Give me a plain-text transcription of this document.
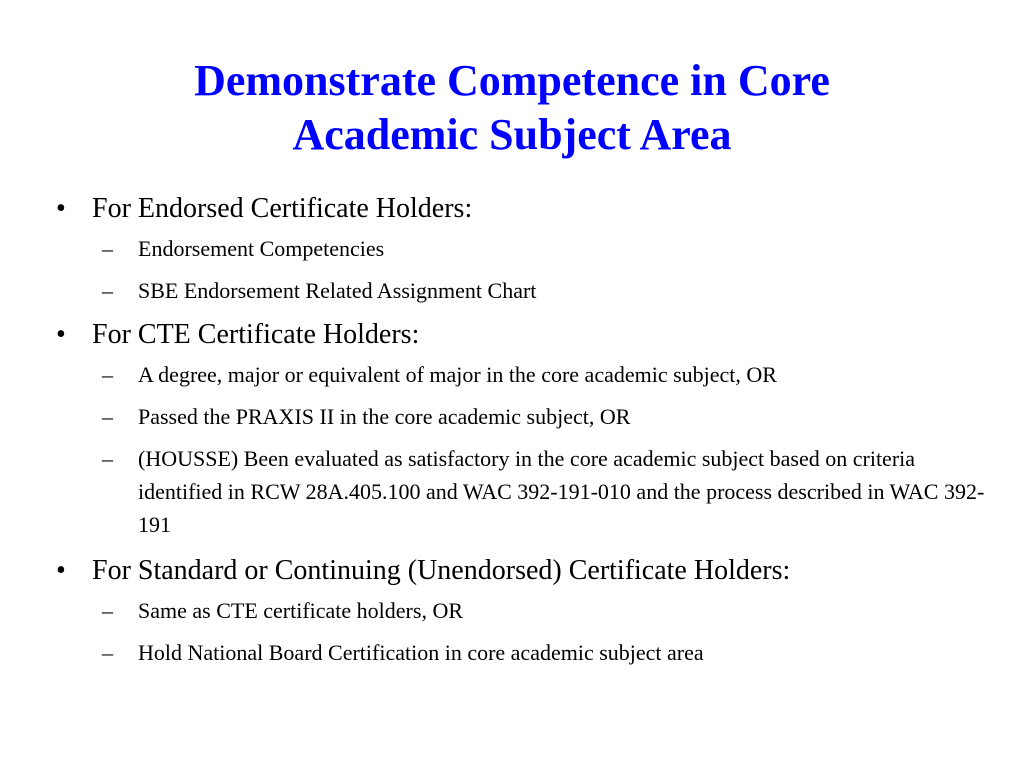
Demonstrate Competence in Core
Academic Subject Area
• For Endorsed Certificate Holders:
–	Endorsement Competencies
–	SBE Endorsement Related Assignment Chart
• For CTE Certificate Holders:
–	A degree, major or equivalent of major in the core academic subject, OR
–	Passed the PRAXIS II in the core academic subject, OR
–	(HOUSSE) Been evaluated as satisfactory in the core academic subject based on criteria identified in RCW 28A.405.100 and WAC 392-191-010 and the process described in WAC 392-191
• For Standard or Continuing (Unendorsed) Certificate Holders:
–	Same as CTE certificate holders, OR
–	Hold National Board Certification in core academic subject area
